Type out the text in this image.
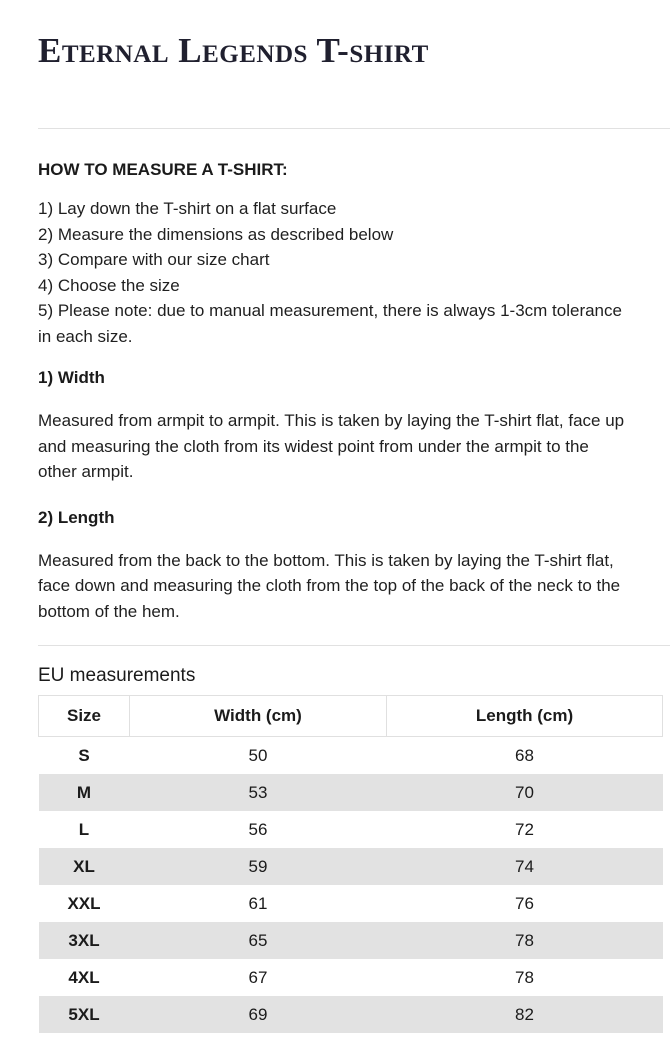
Eternal Legends T-shirt
HOW TO MEASURE A T-SHIRT:
1) Lay down the T-shirt on a flat surface
2) Measure the dimensions as described below
3) Compare with our size chart
4) Choose the size
5) Please note: due to manual measurement, there is always 1-3cm tolerance in each size.
1) Width

Measured from armpit to armpit. This is taken by laying the T-shirt flat, face up and measuring the cloth from its widest point from under the armpit to the other armpit.

2) Length

Measured from the back to the bottom. This is taken by laying the T-shirt flat, face down and measuring the cloth from the top of the back of the neck to the bottom of the hem.

EU measurements
Size	Width (cm)	Length (cm)
S	50	68
M	53	70
L	56	72
XL	59	74
XXL	61	76
3XL	65	78
4XL	67	78
5XL	69	82
